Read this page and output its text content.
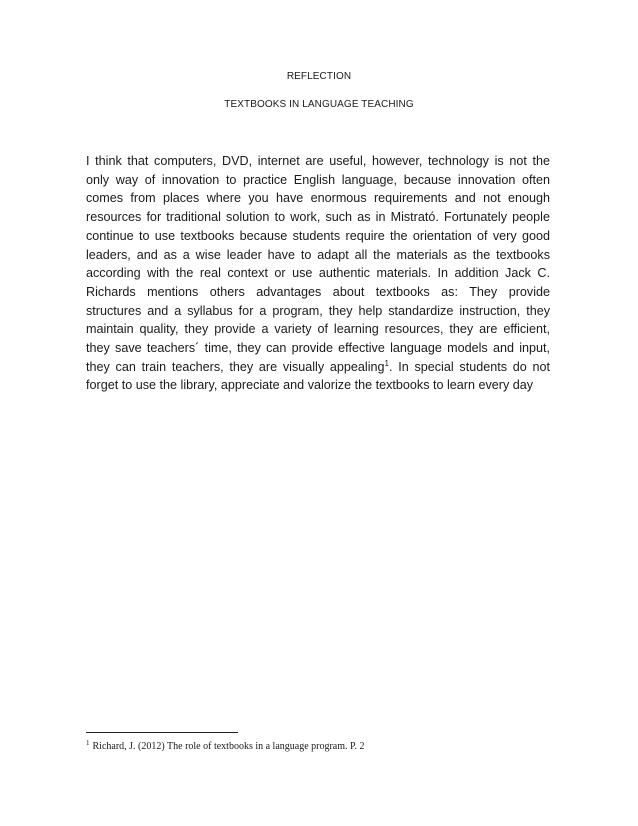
REFLECTION
TEXTBOOKS IN LANGUAGE TEACHING
I think that computers, DVD, internet are useful, however, technology is not the
only way of innovation to practice English language, because innovation often
comes from places where you have enormous requirements and not enough
resources for traditional solution to work, such as in Mistrató. Fortunately people
continue to use textbooks because students require the orientation of very good
leaders, and as a wise leader have to adapt all the materials as the textbooks
according with the real context or use authentic materials. In addition Jack C.
Richards mentions others advantages about textbooks as: They provide
structures and a syllabus for a program, they help standardize instruction, they
maintain quality, they provide a variety of learning resources, they are efficient,
they save teachers´ time, they can provide effective language models and input,
they can train teachers, they are visually appealing$^1$. In special students do not
forget to use the library, appreciate and valorize the textbooks to learn every day
$^1$ Richard, J. (2012) The role of textbooks in a language program. P. 2
